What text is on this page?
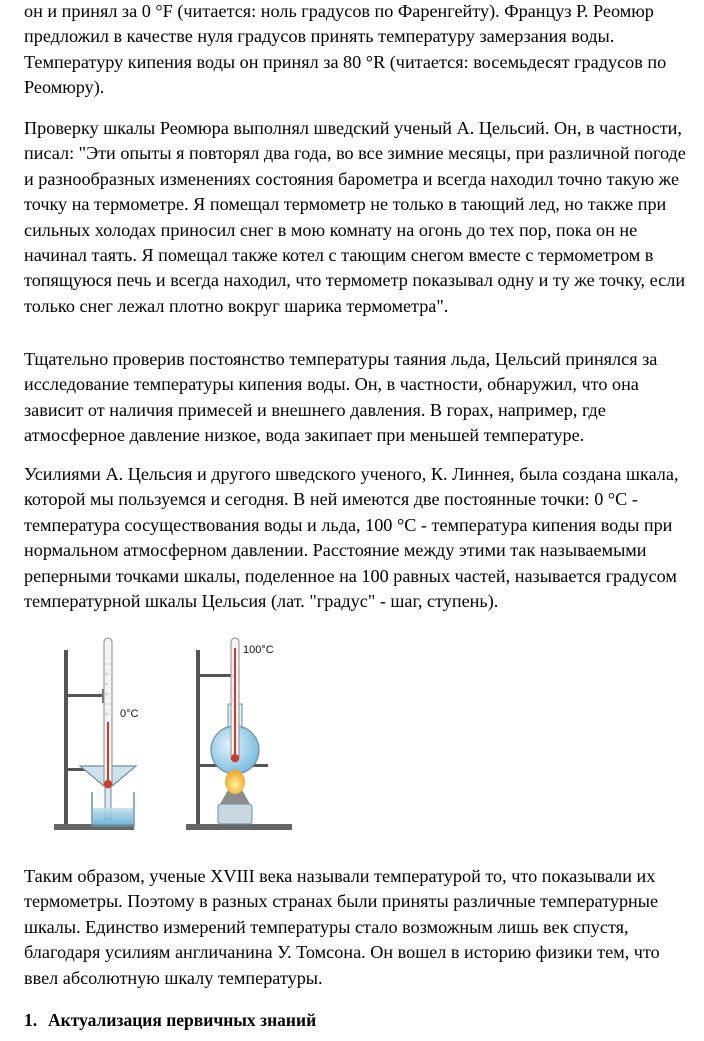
он и принял за 0 °F (читается: ноль градусов по Фаренгейту). Француз Р. Реомюр предложил в качестве нуля градусов принять температуру замерзания воды. Температуру кипения воды он принял за 80 °R (читается: восемьдесят градусов по Реомюру).

Проверку шкалы Реомюра выполнял шведский ученый А. Цельсий. Он, в частности, писал: "Эти опыты я повторял два года, во все зимние месяцы, при различной погоде и разнообразных изменениях состояния барометра и всегда находил точно такую же точку на термометре. Я помещал термометр не только в тающий лед, но также при сильных холодах приносил снег в мою комнату на огонь до тех пор, пока он не начинал таять. Я помещал также котел с тающим снегом вместе с термометром в топящуюся печь и всегда находил, что термометр показывал одну и ту же точку, если только снег лежал плотно вокруг шарика термометра".

Тщательно проверив постоянство температуры таяния льда, Цельсий принялся за исследование температуры кипения воды. Он, в частности, обнаружил, что она зависит от наличия примесей и внешнего давления. В горах, например, где атмосферное давление низкое, вода закипает при меньшей температуре.

Усилиями А. Цельсия и другого шведского ученого, К. Линнея, была создана шкала, которой мы пользуемся и сегодня. В ней имеются две постоянные точки: 0 °С - температура сосуществования воды и льда, 100 °С - температура кипения воды при нормальном атмосферном давлении. Расстояние между этими так называемыми реперными точками шкалы, поделенное на 100 равных частей, называется градусом температурной шкалы Цельсия (лат. "градус" - шаг, ступень).

0°C
100°C

Таким образом, ученые XVIII века называли температурой то, что показывали их термометры. Поэтому в разных странах были приняты различные температурные шкалы. Единство измерений температуры стало возможным лишь век спустя, благодаря усилиям англичанина У. Томсона. Он вошел в историю физики тем, что ввел абсолютную шкалу температуры.

1. Актуализация первичных знаний
